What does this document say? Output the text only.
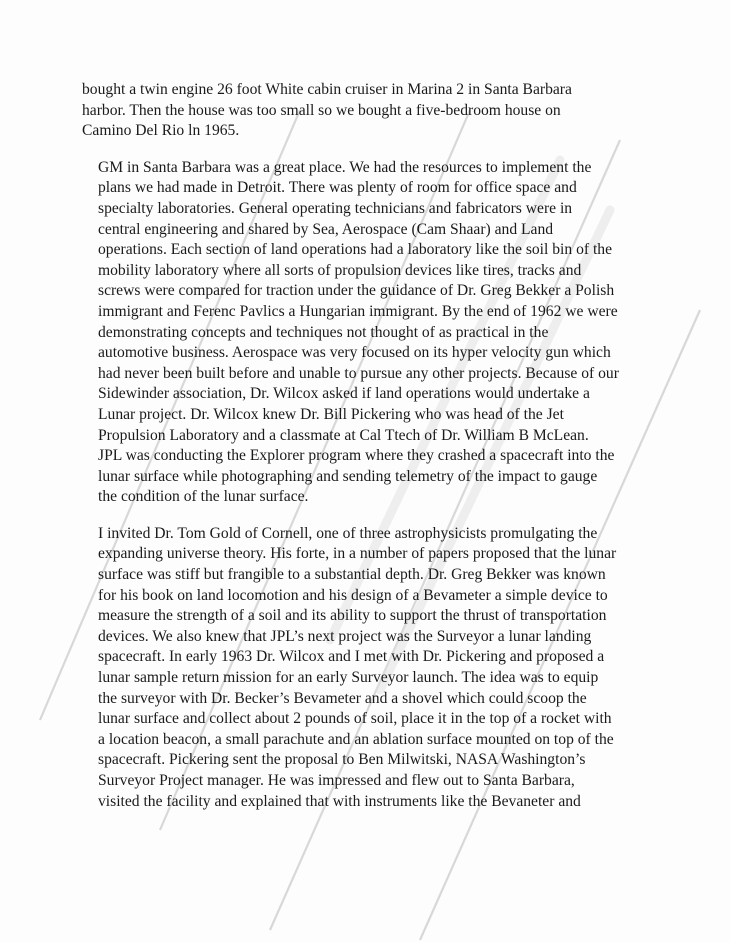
bought a twin engine 26 foot White cabin cruiser in Marina 2 in Santa Barbara
harbor. Then the house was too small so we bought a five-bedroom house on
Camino Del Rio ln 1965.

GM in Santa Barbara was a great place. We had the resources to implement the
plans we had made in Detroit. There was plenty of room for office space and
specialty laboratories. General operating technicians and fabricators were in
central engineering and shared by Sea, Aerospace (Cam Shaar) and Land
operations. Each section of land operations had a laboratory like the soil bin of the
mobility laboratory where all sorts of propulsion devices like tires, tracks and
screws were compared for traction under the guidance of Dr. Greg Bekker a Polish
immigrant and Ferenc Pavlics a Hungarian immigrant. By the end of 1962 we were
demonstrating concepts and techniques not thought of as practical in the
automotive business. Aerospace was very focused on its hyper velocity gun which
had never been built before and unable to pursue any other projects. Because of our
Sidewinder association, Dr. Wilcox asked if land operations would undertake a
Lunar project. Dr. Wilcox knew Dr. Bill Pickering who was head of the Jet
Propulsion Laboratory and a classmate at Cal Ttech of Dr. William B McLean.
JPL was conducting the Explorer program where they crashed a spacecraft into the
lunar surface while photographing and sending telemetry of the impact to gauge
the condition of the lunar surface.

I invited Dr. Tom Gold of Cornell, one of three astrophysicists promulgating the
expanding universe theory. His forte, in a number of papers proposed that the lunar
surface was stiff but frangible to a substantial depth. Dr. Greg Bekker was known
for his book on land locomotion and his design of a Bevameter a simple device to
measure the strength of a soil and its ability to support the thrust of transportation
devices. We also knew that JPL’s next project was the Surveyor a lunar landing
spacecraft. In early 1963 Dr. Wilcox and I met with Dr. Pickering and proposed a
lunar sample return mission for an early Surveyor launch. The idea was to equip
the surveyor with Dr. Becker’s Bevameter and a shovel which could scoop the
lunar surface and collect about 2 pounds of soil, place it in the top of a rocket with
a location beacon, a small parachute and an ablation surface mounted on top of the
spacecraft. Pickering sent the proposal to Ben Milwitski, NASA Washington’s
Surveyor Project manager. He was impressed and flew out to Santa Barbara,
visited the facility and explained that with instruments like the Bevaneter and
